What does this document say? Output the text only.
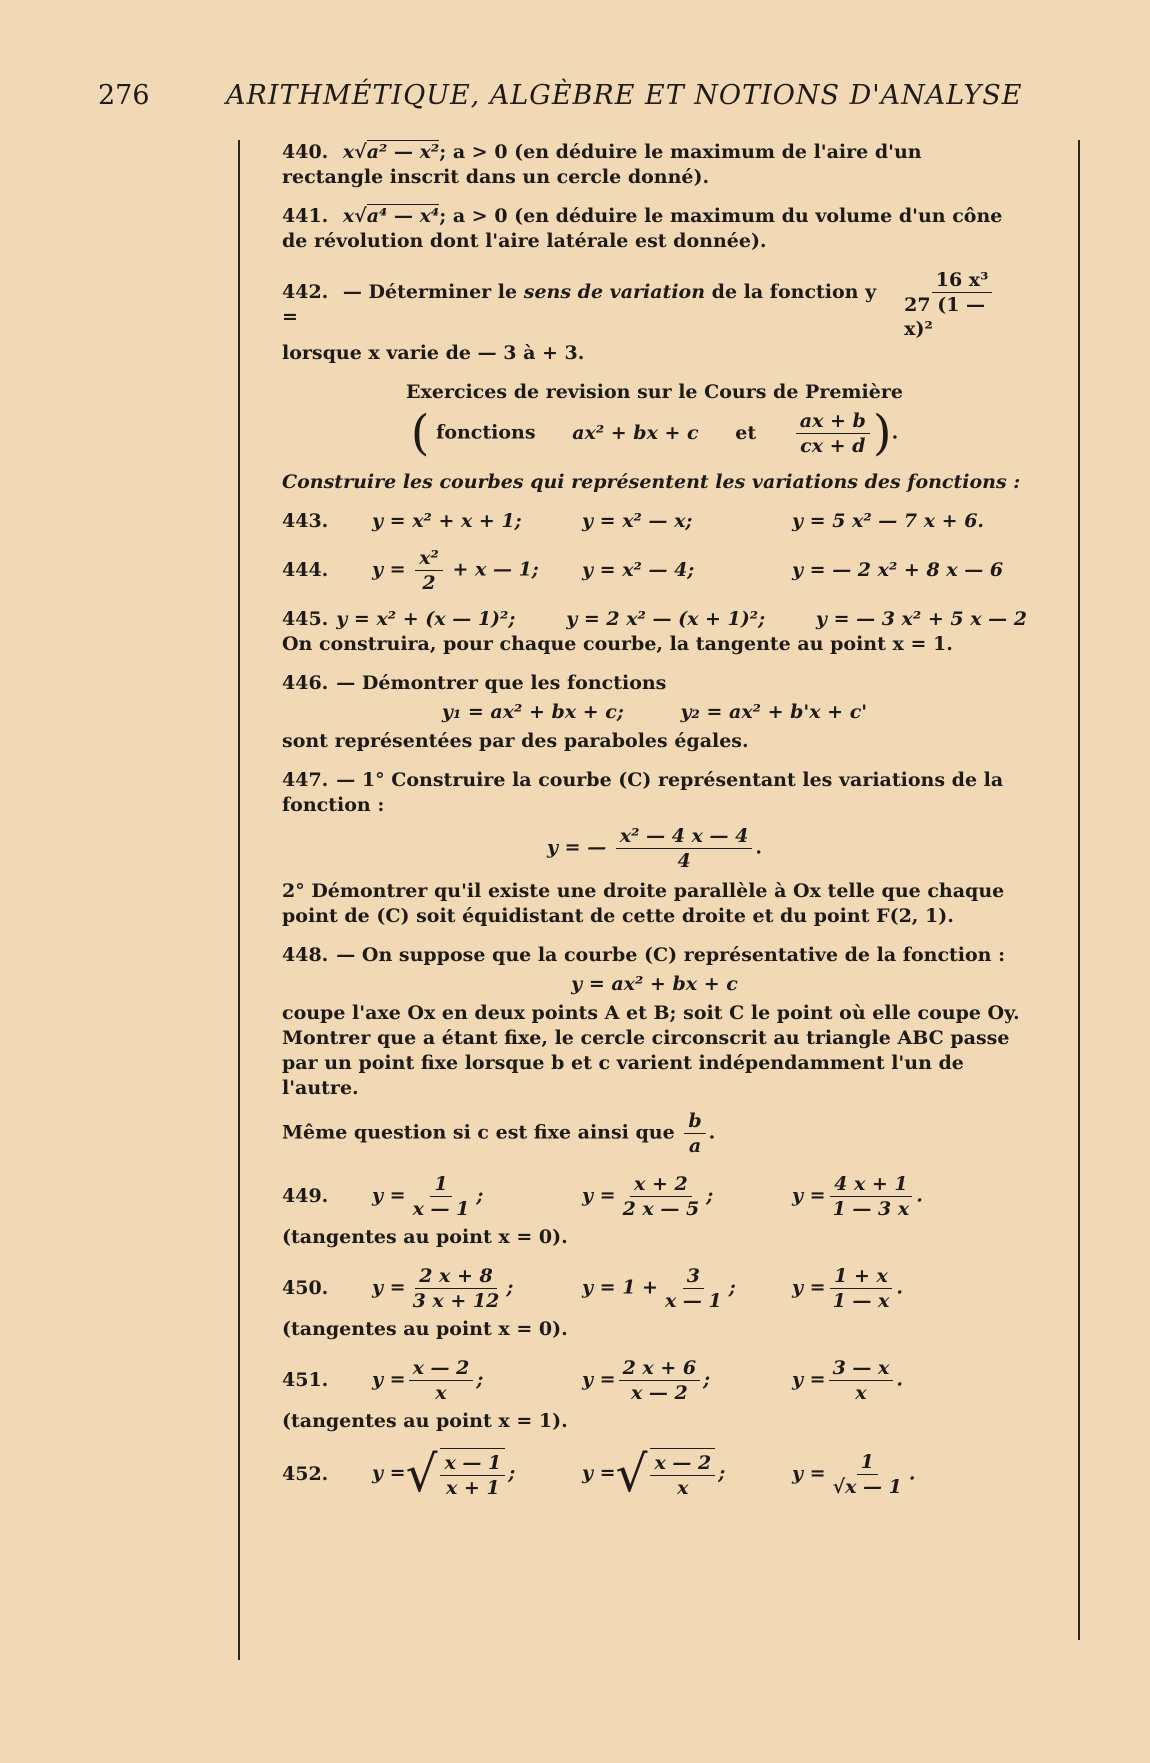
276	ARITHMÉTIQUE, ALGÈBRE ET NOTIONS D'ANALYSE
440. x√a² — x²; a > 0 (en déduire le maximum de l'aire d'un rectangle inscrit dans un cercle donné).
441. x√a⁴ — x⁴; a > 0 (en déduire le maximum du volume d'un cône de révolution dont l'aire latérale est donnée).
442. — Déterminer le sens de variation de la fonction y =	$\frac{\text{16 x³}}{\text{27 (1 — x)²}}$
lorsque x varie de — 3 à + 3.
Exercices de revision sur le Cours de Première
( fonctions ax² + bx + c et $\frac{ax + b}{cx + d}$ ).
Construire les courbes qui représentent les variations des fonctions :
443.	y = x² + x + 1;	y = x² — x;	y = 5 x² — 7 x + 6.
444.	$y = \frac{\text{x²}}{2} + x$ — 1;	y = x² — 4;	y = — 2 x² + 8 x — 6
445. y = x² + (x — 1)²;	y = 2 x² — (x + 1)²;	y = — 3 x² + 5 x — 2
On construira, pour chaque courbe, la tangente au point x = 1.
446. — Démontrer que les fonctions
y₁ = ax² + bx + c;	y₂ = ax² + b'x + c'
sont représentées par des paraboles égales.
447. — 1° Construire la courbe (C) représentant les variations de la fonction :
y = — $\frac{\text{x² — 4 x — 4}}{4}$ .
2° Démontrer qu'il existe une droite parallèle à Ox telle que chaque point de (C) soit équidistant de cette droite et du point F(2, 1).
448. — On suppose que la courbe (C) représentative de la fonction :
y = ax² + bx + c
coupe l'axe Ox en deux points A et B; soit C le point où elle coupe Oy. Montrer que a étant fixe, le cercle circonscrit au triangle ABC passe par un point fixe lorsque b et c varient indépendamment l'un de l'autre.
Même question si c est fixe ainsi que $\frac{b}{a}$ .
449.	$y = \frac{1}{x — 1}$ ;	$y = \frac{x + 2}{2 x — 5}$ ;	$y = \frac{4 x + 1}{1 — 3 x}$ .
(tangentes au point x = 0).
450.	$y = \frac{2 x + 8}{3 x + 12}$ ;	$y = 1 + \frac{3}{x — 1}$ ;	$y = \frac{1 + x}{1 — x}$ .
(tangentes au point x = 0).
451.	$y = \frac{x — 2}{x}$ ;	$y = \frac{2 x + 6}{x — 2}$ ;	$y = \frac{3 — x}{x}$ .
(tangentes au point x = 1).
452.	y = √ $\frac{x — 1}{x + 1}$ ;	y = √ $\frac{x — 2}{x}$ ;	$y = \frac{1}{√x — 1}$ .
